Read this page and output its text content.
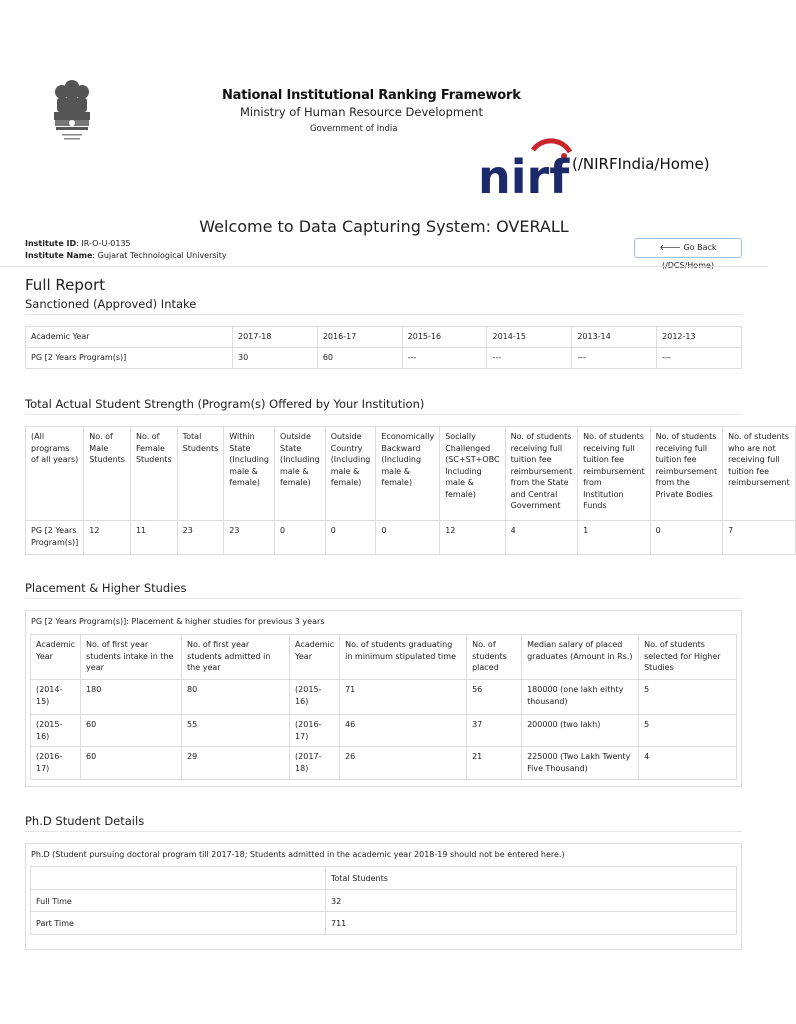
National Institutional Ranking Framework
Ministry of Human Resource Development
Government of India
nirf (/NIRFIndia/Home)
Welcome to Data Capturing System: OVERALL
Institute ID: IR-O-U-0135
Institute Name: Gujarat Technological University
🡐 Go Back
Full Report
Sanctioned (Approved) Intake
Academic Year	2017-18	2016-17	2015-16	2014-15	2013-14	2012-13
PG [2 Years Program(s)]	30	60	---	---	---	---
Total Actual Student Strength (Program(s) Offered by Your Institution)
(All programs of all years)	No. of Male Students	No. of Female Students	Total Students	Within State (Including male & female)	Outside State (Including male & female)	Outside Country (Including male & female)	Economically Backward (Including male & female)	Socially Challenged (SC+ST+OBC Including male & female)	No. of students receiving full tuition fee reimbursement from the State and Central Government	No. of students receiving full tuition fee reimbursement from Institution Funds	No. of students receiving full tuition fee reimbursement from the Private Bodies	No. of students who are not receiving full tuition fee reimbursement
PG [2 Years Program(s)]	12	11	23	23	0	0	0	12	4	1	0	7
Placement & Higher Studies
PG [2 Years Program(s)]: Placement & higher studies for previous 3 years
Academic Year	No. of first year students intake in the year	No. of first year students admitted in the year	Academic Year	No. of students graduating in minimum stipulated time	No. of students placed	Median salary of placed graduates (Amount in Rs.)	No. of students selected for Higher Studies
(2014-15)	180	80	(2015-16)	71	56	180000 (one lakh eithty thousand)	5
(2015-16)	60	55	(2016-17)	46	37	200000 (two lakh)	5
(2016-17)	60	29	(2017-18)	26	21	225000 (Two Lakh Twenty Five Thousand)	4
Ph.D Student Details
Ph.D (Student pursuing doctoral program till 2017-18; Students admitted in the academic year 2018-19 should not be entered here.)
	Total Students
Full Time	32
Part Time	711
